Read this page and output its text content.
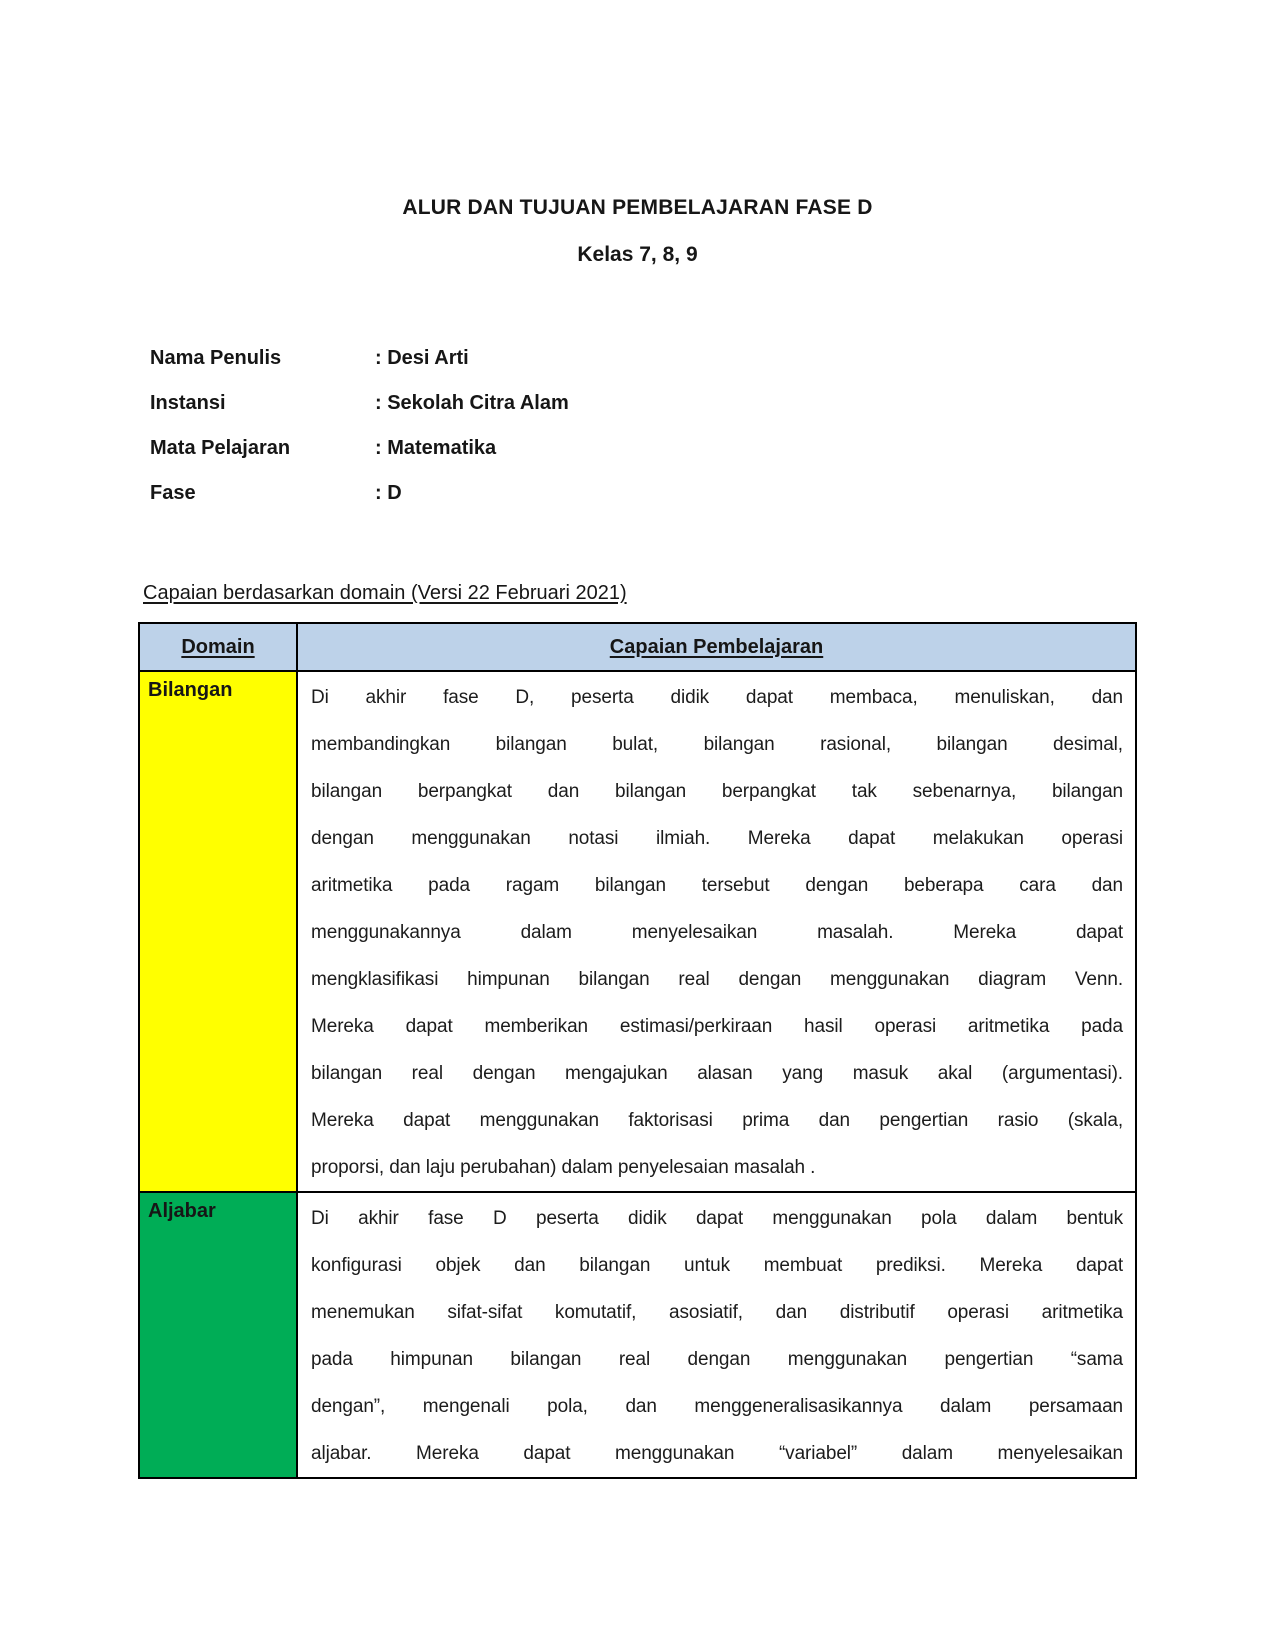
ALUR DAN TUJUAN PEMBELAJARAN FASE D
Kelas 7, 8, 9
Nama Penulis	: Desi Arti
Instansi	: Sekolah Citra Alam
Mata Pelajaran	: Matematika
Fase	: D
Capaian berdasarkan domain (Versi 22 Februari 2021)
Domain	Capaian Pembelajaran
Bilangan	Di akhir fase D, peserta didik dapat membaca, menuliskan, dan
membandingkan bilangan bulat, bilangan rasional, bilangan desimal,
bilangan berpangkat dan bilangan berpangkat tak sebenarnya, bilangan
dengan menggunakan notasi ilmiah. Mereka dapat melakukan operasi
aritmetika pada ragam bilangan tersebut dengan beberapa cara dan
menggunakannya dalam menyelesaikan masalah. Mereka dapat
mengklasifikasi himpunan bilangan real dengan menggunakan diagram Venn.
Mereka dapat memberikan estimasi/perkiraan hasil operasi aritmetika pada
bilangan real dengan mengajukan alasan yang masuk akal (argumentasi).
Mereka dapat menggunakan faktorisasi prima dan pengertian rasio (skala,
proporsi, dan laju perubahan) dalam penyelesaian masalah .

Aljabar	Di akhir fase D peserta didik dapat menggunakan pola dalam bentuk
konfigurasi objek dan bilangan untuk membuat prediksi. Mereka dapat
menemukan sifat-sifat komutatif, asosiatif, dan distributif operasi aritmetika
pada himpunan bilangan real dengan menggunakan pengertian “sama
dengan”, mengenali pola, dan menggeneralisasikannya dalam persamaan
aljabar. Mereka dapat menggunakan “variabel” dalam menyelesaikan
